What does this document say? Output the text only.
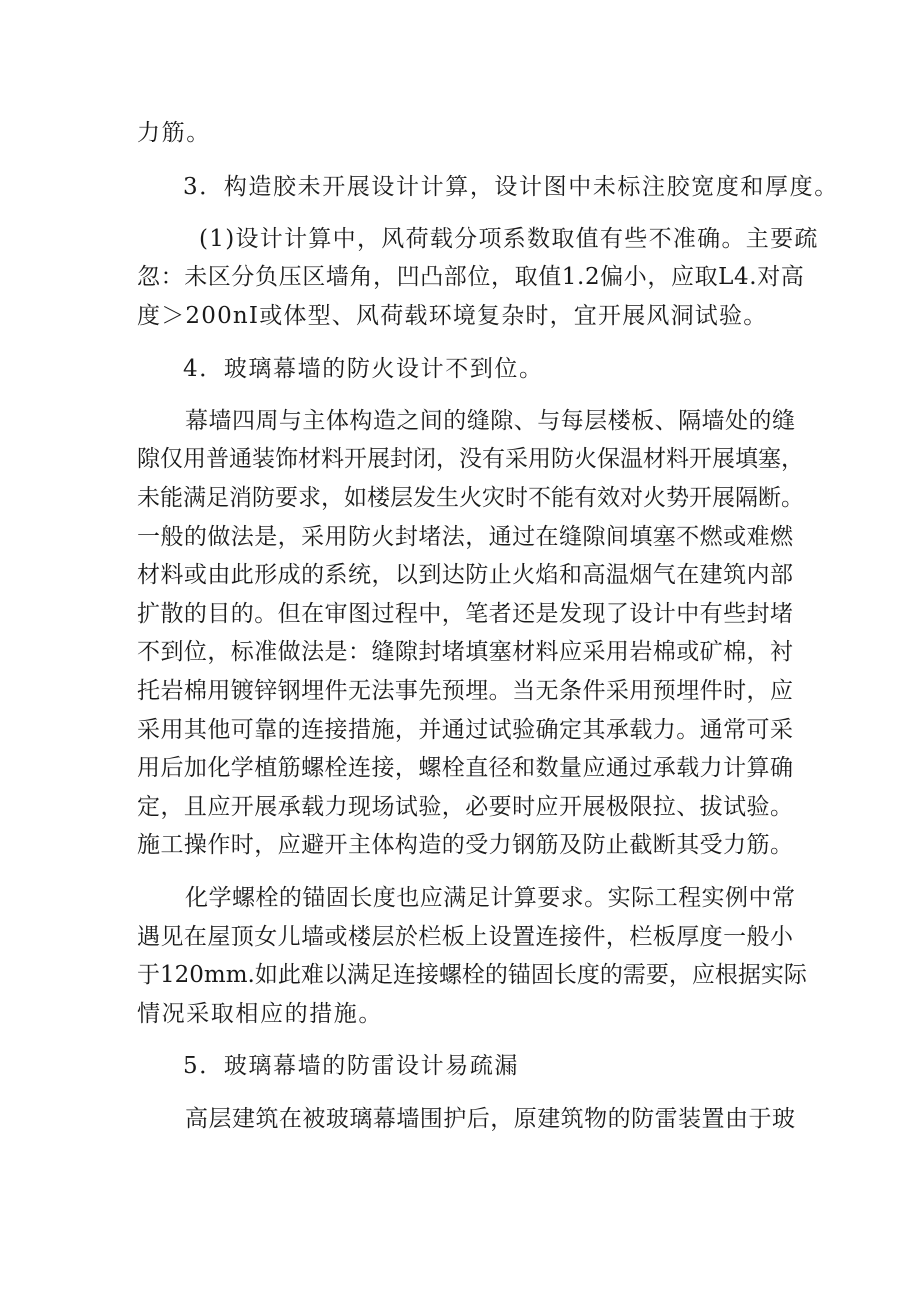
力筋。
3．构造胶未开展设计计算，设计图中未标注胶宽度和厚度。
(1)设计计算中，风荷载分项系数取值有些不准确。主要疏
忽：未区分负压区墙角，凹凸部位，取值1.2偏小，应取L4.对高
度＞200nI或体型、风荷载环境复杂时，宜开展风洞试验。
4．玻璃幕墙的防火设计不到位。
幕墙四周与主体构造之间的缝隙、与每层楼板、隔墙处的缝
隙仅用普通装饰材料开展封闭，没有采用防火保温材料开展填塞，
未能满足消防要求，如楼层发生火灾时不能有效对火势开展隔断。
一般的做法是，采用防火封堵法，通过在缝隙间填塞不燃或难燃
材料或由此形成的系统，以到达防止火焰和高温烟气在建筑内部
扩散的目的。但在审图过程中，笔者还是发现了设计中有些封堵
不到位，标准做法是：缝隙封堵填塞材料应采用岩棉或矿棉，衬
托岩棉用镀锌钢埋件无法事先预埋。当无条件采用预埋件时，应
采用其他可靠的连接措施，并通过试验确定其承载力。通常可采
用后加化学植筋螺栓连接，螺栓直径和数量应通过承载力计算确
定，且应开展承载力现场试验，必要时应开展极限拉、拔试验。
施工操作时，应避开主体构造的受力钢筋及防止截断其受力筋。
化学螺栓的锚固长度也应满足计算要求。实际工程实例中常
遇见在屋顶女儿墙或楼层於栏板上设置连接件，栏板厚度一般小
于120mm.如此难以满足连接螺栓的锚固长度的需要，应根据实际
情况采取相应的措施。
5．玻璃幕墙的防雷设计易疏漏
高层建筑在被玻璃幕墙围护后，原建筑物的防雷装置由于玻
